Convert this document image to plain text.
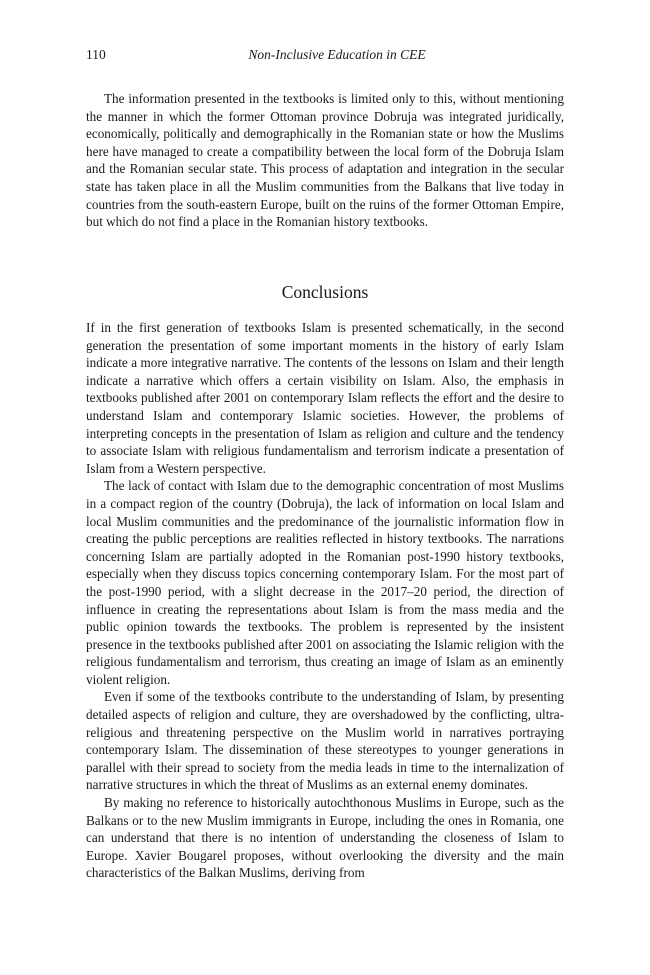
110	Non-Inclusive Education in CEE

The information presented in the textbooks is limited only to this, without mentioning the manner in which the former Ottoman province Dobruja was integrated juridically, economically, politically and demographically in the Romanian state or how the Muslims here have managed to create a compatibility between the local form of the Dobruja Islam and the Romanian secular state. This process of adaptation and integration in the secular state has taken place in all the Muslim communities from the Balkans that live today in countries from the south-eastern Europe, built on the ruins of the former Ottoman Empire, but which do not find a place in the Romanian history textbooks.

Conclusions

If in the first generation of textbooks Islam is presented schematically, in the second generation the presentation of some important moments in the history of early Islam indicate a more integrative narrative. The contents of the lessons on Islam and their length indicate a narrative which offers a certain visibility on Islam. Also, the emphasis in textbooks published after 2001 on contemporary Islam reflects the effort and the desire to understand Islam and contemporary Islamic societies. However, the problems of interpreting concepts in the presentation of Islam as religion and culture and the tendency to associate Islam with religious fundamentalism and terrorism indicate a presentation of Islam from a Western perspective.

The lack of contact with Islam due to the demographic concentration of most Muslims in a compact region of the country (Dobruja), the lack of information on local Islam and local Muslim communities and the predominance of the journalistic information flow in creating the public perceptions are realities reflected in history textbooks. The narrations concerning Islam are partially adopted in the Romanian post-1990 history textbooks, especially when they discuss topics concerning contemporary Islam. For the most part of the post-1990 period, with a slight decrease in the 2017–20 period, the direction of influence in creating the representations about Islam is from the mass media and the public opinion towards the textbooks. The problem is represented by the insistent presence in the textbooks published after 2001 on associating the Islamic religion with the religious fundamentalism and terrorism, thus creating an image of Islam as an eminently violent religion.

Even if some of the textbooks contribute to the understanding of Islam, by presenting detailed aspects of religion and culture, they are overshadowed by the conflicting, ultra-religious and threatening perspective on the Muslim world in narratives portraying contemporary Islam. The dissemination of these stereotypes to younger generations in parallel with their spread to society from the media leads in time to the internalization of narrative structures in which the threat of Muslims as an external enemy dominates.

By making no reference to historically autochthonous Muslims in Europe, such as the Balkans or to the new Muslim immigrants in Europe, including the ones in Romania, one can understand that there is no intention of understanding the closeness of Islam to Europe. Xavier Bougarel proposes, without overlooking the diversity and the main characteristics of the Balkan Muslims, deriving from
